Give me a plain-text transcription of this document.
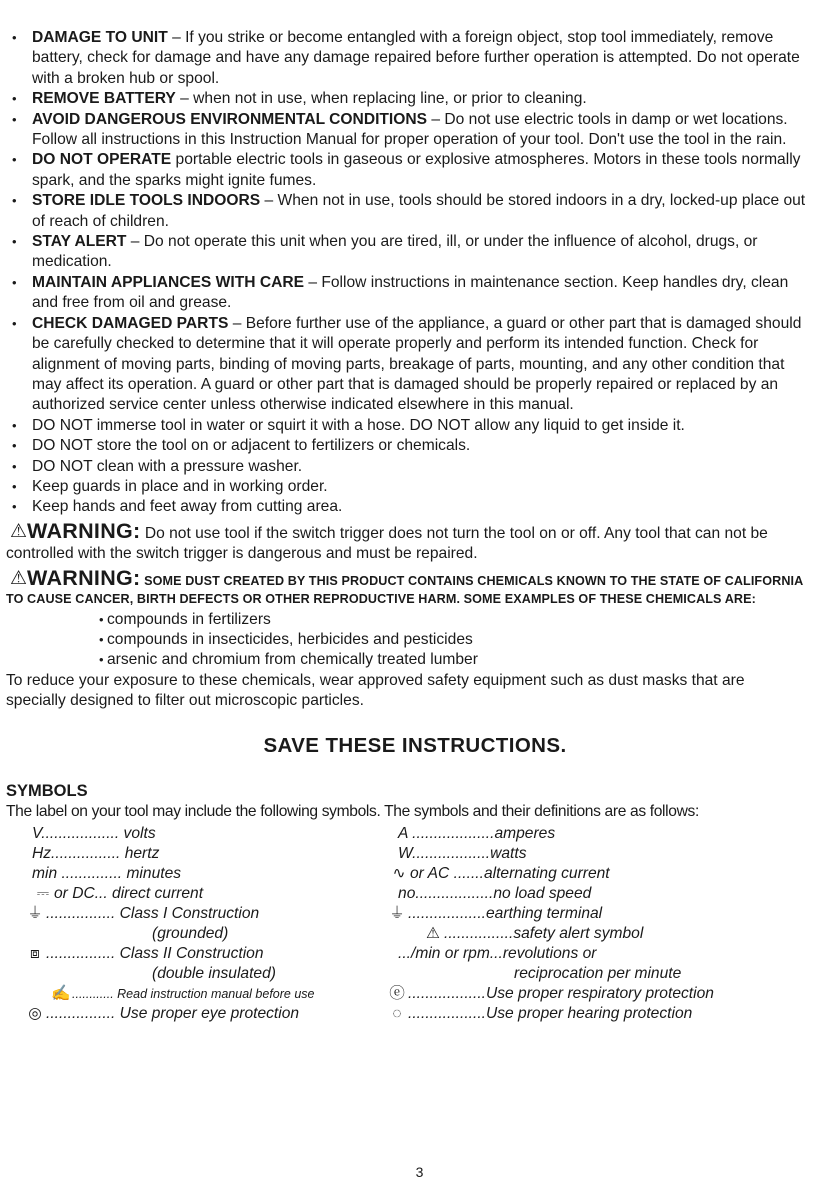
• DAMAGE TO UNIT – If you strike or become entangled with a foreign object, stop tool immediately, remove battery, check for damage and have any damage repaired before further operation is attempted. Do not operate with a broken hub or spool.
• REMOVE BATTERY – when not in use, when replacing line, or prior to cleaning.
• AVOID DANGEROUS ENVIRONMENTAL CONDITIONS – Do not use electric tools in damp or wet locations. Follow all instructions in this Instruction Manual for proper operation of your tool. Don't use the tool in the rain.
• DO NOT OPERATE portable electric tools in gaseous or explosive atmospheres. Motors in these tools normally spark, and the sparks might ignite fumes.
• STORE IDLE TOOLS INDOORS – When not in use, tools should be stored indoors in a dry, locked-up place out of reach of children.
• STAY ALERT – Do not operate this unit when you are tired, ill, or under the influence of alcohol, drugs, or medication.
• MAINTAIN APPLIANCES WITH CARE – Follow instructions in maintenance section. Keep handles dry, clean and free from oil and grease.
• CHECK DAMAGED PARTS – Before further use of the appliance, a guard or other part that is damaged should be carefully checked to determine that it will operate properly and perform its intended function. Check for alignment of moving parts, binding of moving parts, breakage of parts, mounting, and any other condition that may affect its operation. A guard or other part that is damaged should be properly repaired or replaced by an authorized service center unless otherwise indicated elsewhere in this manual.
• DO NOT immerse tool in water or squirt it with a hose. DO NOT allow any liquid to get inside it.
• DO NOT store the tool on or adjacent to fertilizers or chemicals.
• DO NOT clean with a pressure washer.
• Keep guards in place and in working order.
• Keep hands and feet away from cutting area.
⚠WARNING: Do not use tool if the switch trigger does not turn the tool on or off. Any tool that can not be controlled with the switch trigger is dangerous and must be repaired.
⚠WARNING: SOME DUST CREATED BY THIS PRODUCT CONTAINS CHEMICALS KNOWN TO THE STATE OF CALIFORNIA TO CAUSE CANCER, BIRTH DEFECTS OR OTHER REPRODUCTIVE HARM. SOME EXAMPLES OF THESE CHEMICALS ARE:
• compounds in fertilizers
• compounds in insecticides, herbicides and pesticides
• arsenic and chromium from chemically treated lumber
To reduce your exposure to these chemicals, wear approved safety equipment such as dust masks that are specially designed to filter out microscopic particles.
SAVE THESE INSTRUCTIONS.
SYMBOLS
The label on your tool may include the following symbols. The symbols and their definitions are as follows:
V.................. volts
Hz................ hertz
min .............. minutes
⎓ or DC... direct current
⏚ ................ Class I Construction
(grounded)
⧈ ................ Class II Construction
(double insulated)
✍............ Read instruction manual before use
◎ ................ Use proper eye protection
A ...................amperes
W..................watts
∿ or AC .......alternating current
no..................no load speed
⏚ ..................earthing terminal
⚠ ................safety alert symbol
.../min or rpm...revolutions or
reciprocation per minute
ⓔ ..................Use proper respiratory protection
◌ ..................Use proper hearing protection
3
